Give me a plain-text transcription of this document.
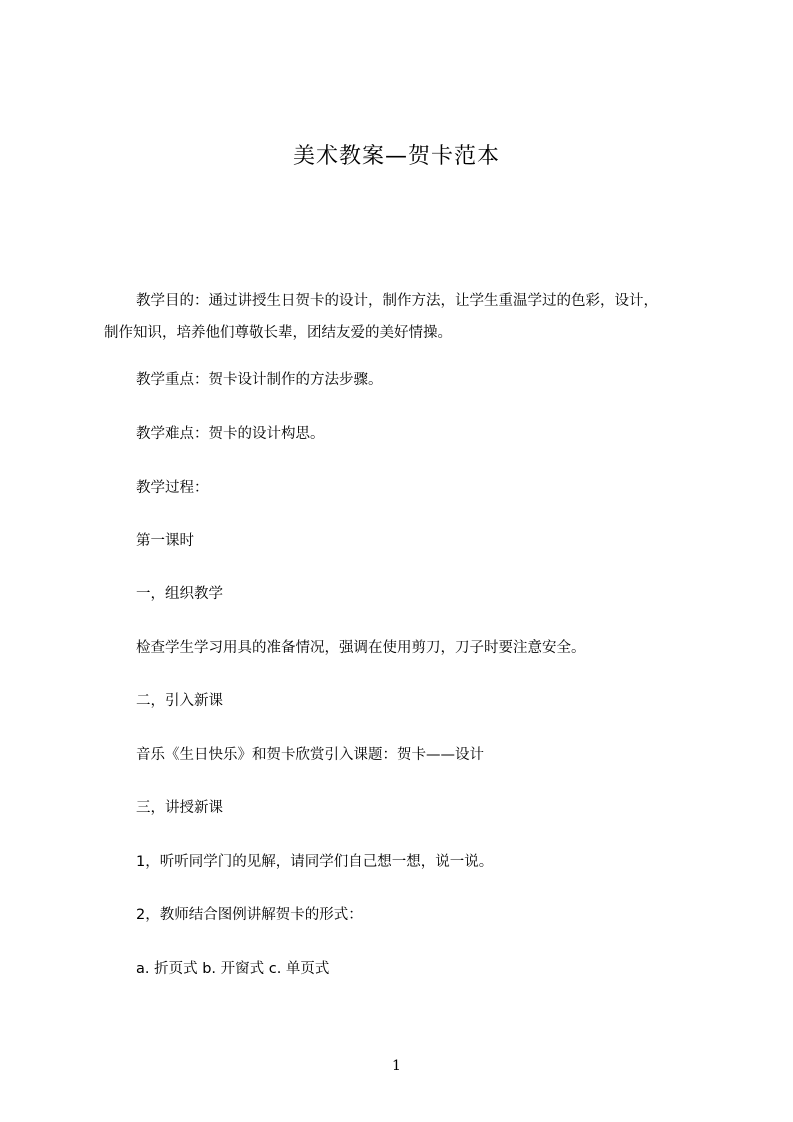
美术教案—贺卡范本
教学目的：通过讲授生日贺卡的设计，制作方法，让学生重温学过的色彩，设计，
制作知识，培养他们尊敬长辈，团结友爱的美好情操。
教学重点：贺卡设计制作的方法步骤。
教学难点：贺卡的设计构思。
教学过程：
第一课时
一，组织教学
检查学生学习用具的准备情况，强调在使用剪刀，刀子时要注意安全。
二，引入新课
音乐《生日快乐》和贺卡欣赏引入课题：贺卡——设计
三，讲授新课
1，听听同学门的见解，请同学们自己想一想，说一说。
2，教师结合图例讲解贺卡的形式：
a. 折页式 b. 开窗式 c. 单页式
1
